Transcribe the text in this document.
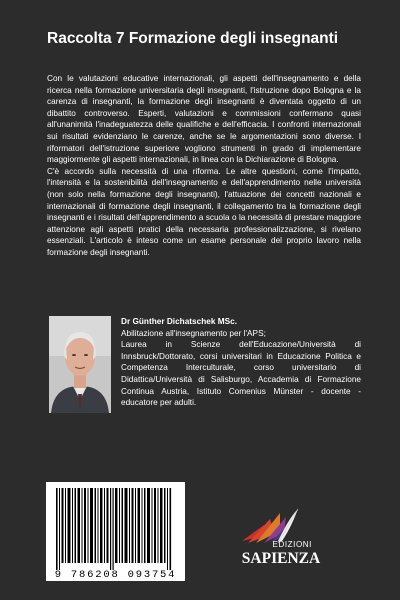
Raccolta 7 Formazione degli insegnanti

Con le valutazioni educative internazionali, gli aspetti dell'insegnamento e della ricerca nella formazione universitaria degli insegnanti, l'istruzione dopo Bologna e la carenza di insegnanti, la formazione degli insegnanti è diventata oggetto di un dibattito controverso. Esperti, valutazioni e commissioni confermano quasi all'unanimità l'inadeguatezza delle qualifiche e dell'efficacia. I confronti internazionali sui risultati evidenziano le carenze, anche se le argomentazioni sono diverse. I riformatori dell'istruzione superiore vogliono strumenti in grado di implementare maggiormente gli aspetti internazionali, in linea con la Dichiarazione di Bologna.
C'è accordo sulla necessità di una riforma. Le altre questioni, come l'impatto, l'intensità e la sostenibilità dell'insegnamento e dell'apprendimento nelle università (non solo nella formazione degli insegnanti), l'attuazione dei concetti nazionali e internazionali di formazione degli insegnanti, il collegamento tra la formazione degli insegnanti e i risultati dell'apprendimento a scuola o la necessità di prestare maggiore attenzione agli aspetti pratici della necessaria professionalizzazione, si rivelano essenziali. L'articolo è inteso come un esame personale del proprio lavoro nella formazione degli insegnanti.

Dr Günther Dichatschek MSc.
Abilitazione all'insegnamento per l'APS;
Laurea in Scienze dell'Educazione/Università di Innsbruck/Dottorato, corsi universitari in Educazione Politica e Competenza Interculturale, corso universitario di Didattica/Università di Salisburgo, Accademia di Formazione Continua Austria, Istituto Comenius Münster - docente - educatore per adulti.
9 786208 093754
EDIZIONI
SAPIENZA
